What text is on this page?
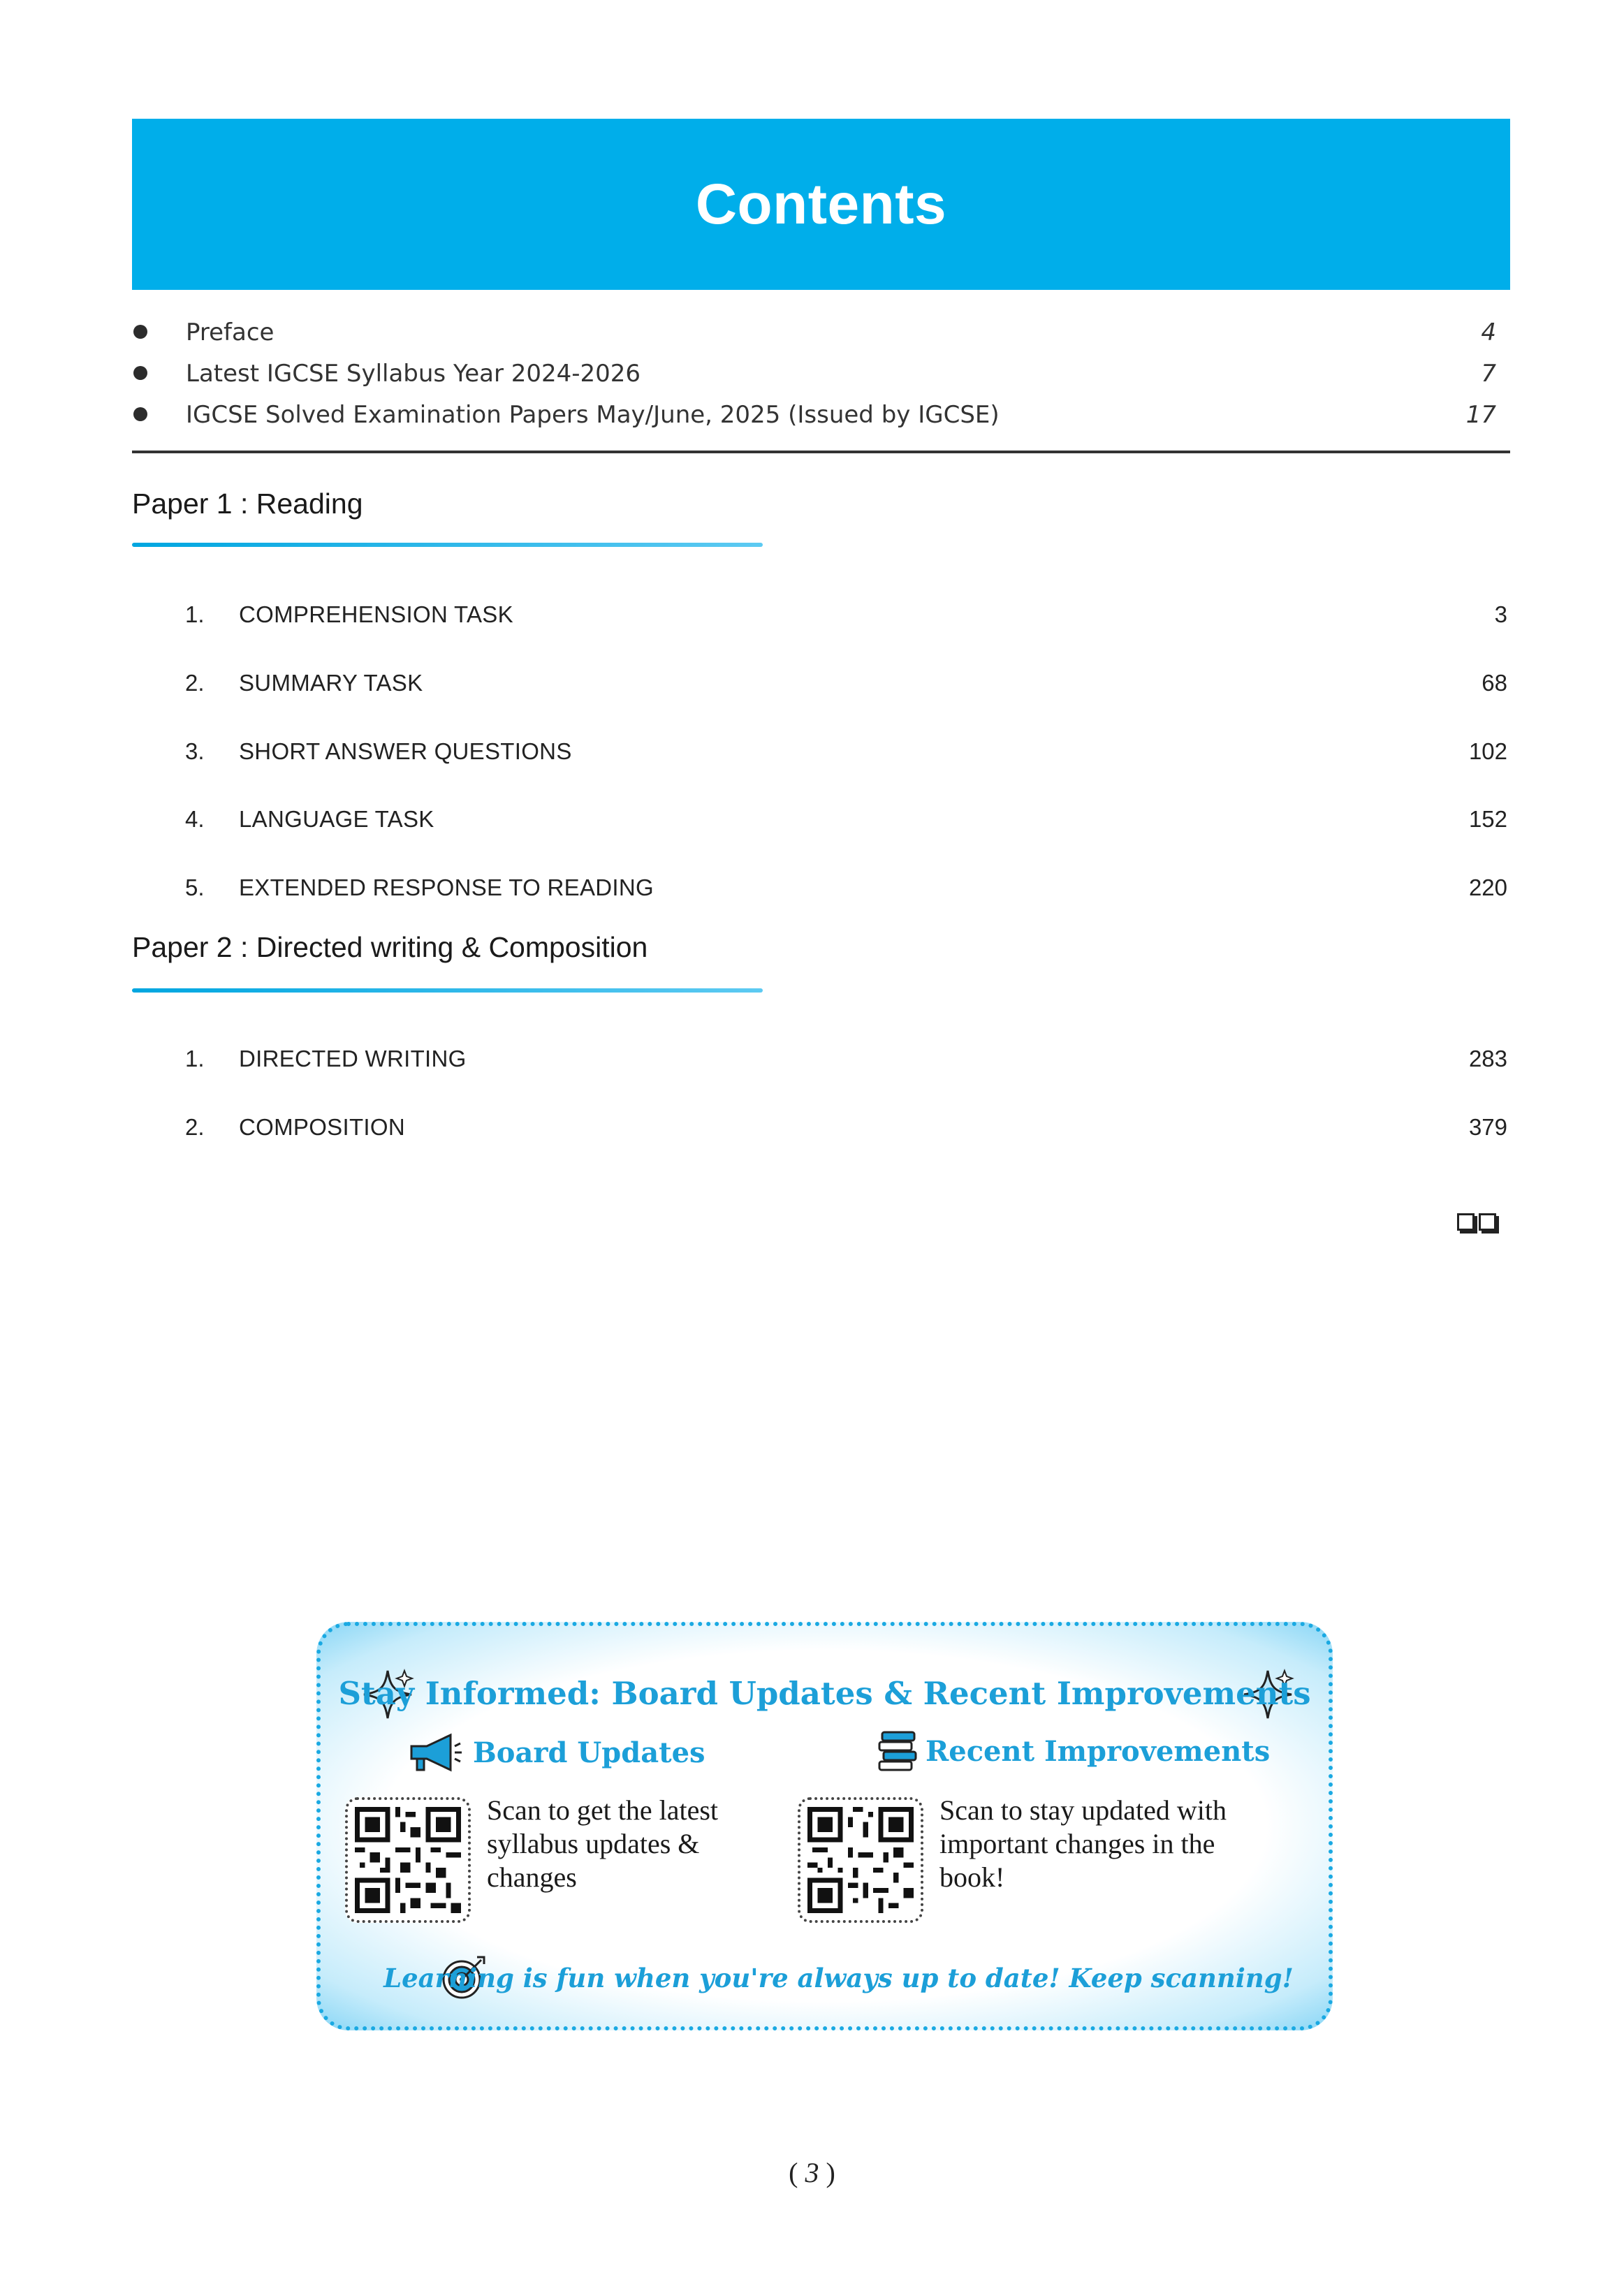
Contents
Preface	4
Latest IGCSE Syllabus Year 2024-2026	7
IGCSE Solved Examination Papers May/June, 2025 (Issued by IGCSE)	17
Paper 1 : Reading
1. COMPREHENSION TASK	3
2. SUMMARY TASK	68
3. SHORT ANSWER QUESTIONS	102
4. LANGUAGE TASK	152
5. EXTENDED RESPONSE TO READING	220
Paper 2 : Directed writing & Composition
1. DIRECTED WRITING	283
2. COMPOSITION	379
Stay Informed: Board Updates & Recent Improvements
Board Updates
Scan to get the latest syllabus updates & changes
Recent Improvements
Scan to stay updated with important changes in the book!
Learning is fun when you're always up to date! Keep scanning!
( 3 )
